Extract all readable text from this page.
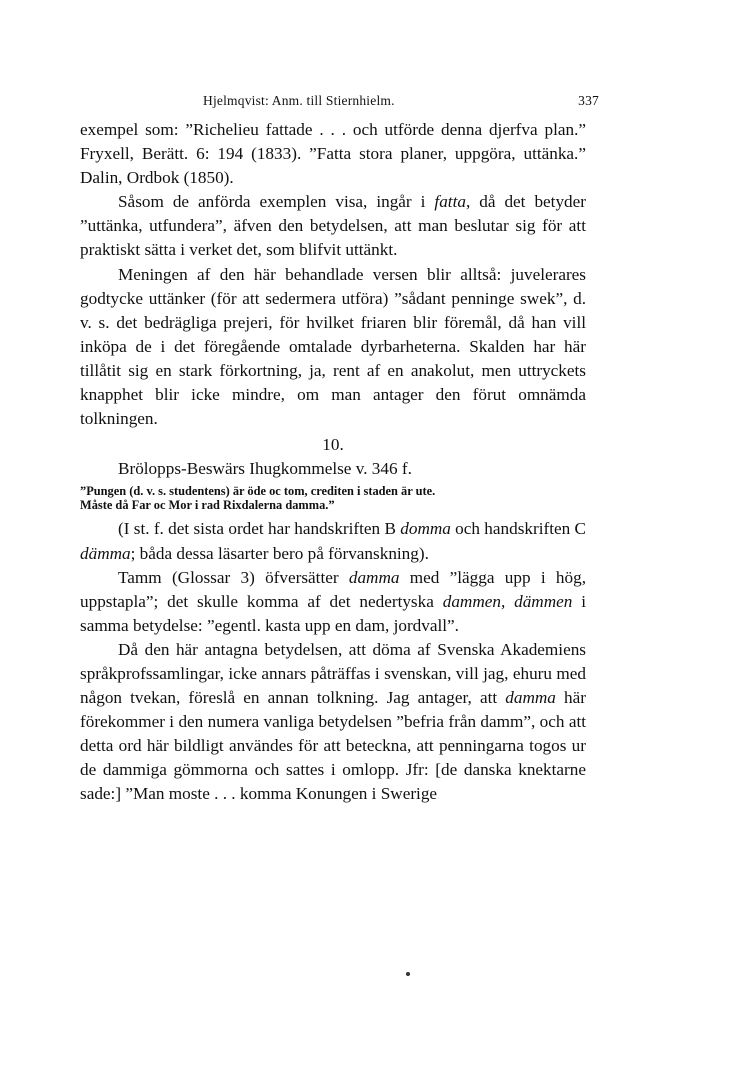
Hjelmqvist: Anm. till Stiernhielm.	337

exempel som: ”Richelieu fattade . . . och utförde denna djerfva plan.” Fryxell, Berätt. 6: 194 (1833). ”Fatta stora planer, uppgöra, uttänka.” Dalin, Ordbok (1850).

Såsom de anförda exemplen visa, ingår i fatta, då det betyder ”uttänka, utfundera”, äfven den betydelsen, att man beslutar sig för att praktiskt sätta i verket det, som blifvit uttänkt.

Meningen af den här behandlade versen blir alltså: juvelerares godtycke uttänker (för att sedermera utföra) ”sådant penninge swek”, d. v. s. det bedrägliga prejeri, för hvilket friaren blir föremål, då han vill inköpa de i det föregående omtalade dyrbarheterna. Skalden har här tillåtit sig en stark förkortning, ja, rent af en anakolut, men uttryckets knapphet blir icke mindre, om man antager den förut omnämda tolkningen.

10.

Brölopps-Beswärs Ihugkommelse v. 346 f.

”Pungen (d. v. s. studentens) är öde oc tom, crediten i staden är ute.
Måste då Far oc Mor i rad Rixdalerna damma.”

(I st. f. det sista ordet har handskriften B domma och handskriften C dämma; båda dessa läsarter bero på förvanskning).

Tamm (Glossar 3) öfversätter damma med ”lägga upp i hög, uppstapla”; det skulle komma af det nedertyska dammen, dämmen i samma betydelse: ”egentl. kasta upp en dam, jordvall”.

Då den här antagna betydelsen, att döma af Svenska Akademiens språkprofssamlingar, icke annars påträffas i svenskan, vill jag, ehuru med någon tvekan, föreslå en annan tolkning. Jag antager, att damma här förekommer i den numera vanliga betydelsen ”befria från damm”, och att detta ord här bildligt användes för att beteckna, att penningarna togos ur de dammiga gömmorna och sattes i omlopp. Jfr: [de danska knektarne sade:] ”Man moste . . . komma Konungen i Swerige
